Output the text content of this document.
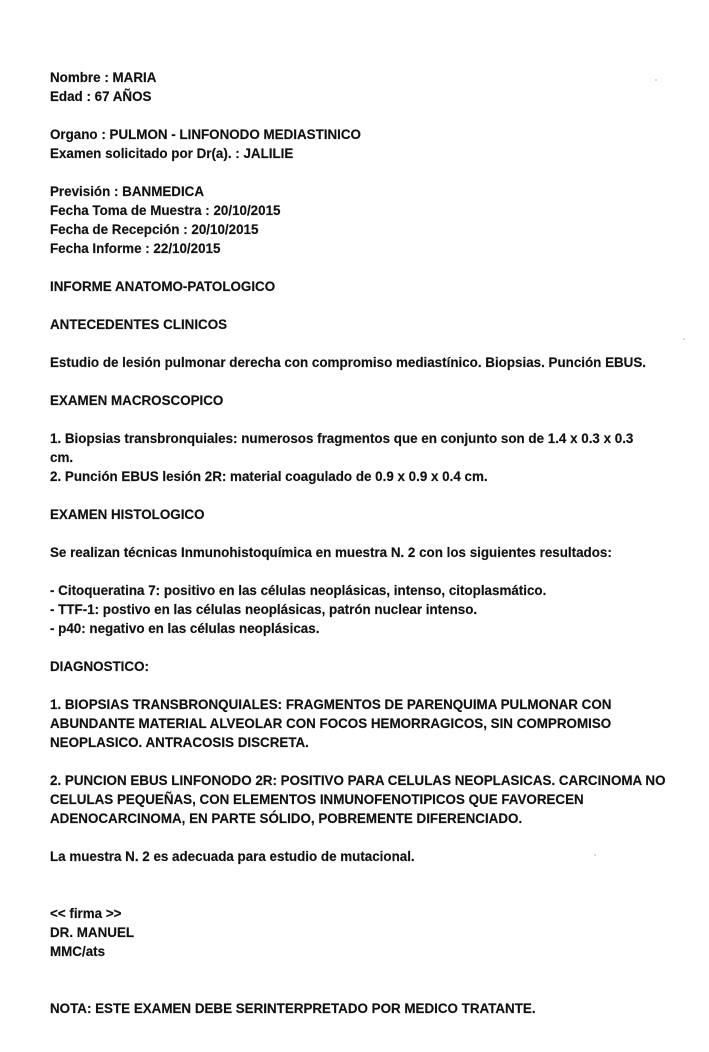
Nombre : MARIA
Edad : 67 AÑOS
Organo : PULMON - LINFONODO MEDIASTINICO
Examen solicitado por Dr(a). : JALILIE
Previsión : BANMEDICA
Fecha Toma de Muestra : 20/10/2015
Fecha de Recepción : 20/10/2015
Fecha Informe : 22/10/2015
INFORME ANATOMO-PATOLOGICO
ANTECEDENTES CLINICOS
Estudio de lesión pulmonar derecha con compromiso mediastínico. Biopsias. Punción EBUS.
EXAMEN MACROSCOPICO
1. Biopsias transbronquiales: numerosos fragmentos que en conjunto son de 1.4 x 0.3 x 0.3
cm.
2. Punción EBUS lesión 2R: material coagulado de 0.9 x 0.9 x 0.4 cm.
EXAMEN HISTOLOGICO
Se realizan técnicas Inmunohistoquímica en muestra N. 2 con los siguientes resultados:
- Citoqueratina 7: positivo en las células neoplásicas, intenso, citoplasmático.
- TTF-1: postivo en las células neoplásicas, patrón nuclear intenso.
- p40: negativo en las células neoplásicas.
DIAGNOSTICO:
1. BIOPSIAS TRANSBRONQUIALES: FRAGMENTOS DE PARENQUIMA PULMONAR CON
ABUNDANTE MATERIAL ALVEOLAR CON FOCOS HEMORRAGICOS, SIN COMPROMISO
NEOPLASICO. ANTRACOSIS DISCRETA.
2. PUNCION EBUS LINFONODO 2R: POSITIVO PARA CELULAS NEOPLASICAS. CARCINOMA NO
CELULAS PEQUEÑAS, CON ELEMENTOS INMUNOFENOTIPICOS QUE FAVORECEN
ADENOCARCINOMA, EN PARTE SÓLIDO, POBREMENTE DIFERENCIADO.
La muestra N. 2 es adecuada para estudio de mutacional.
<< firma >>
DR. MANUEL
MMC/ats
NOTA: ESTE EXAMEN DEBE SERINTERPRETADO POR MEDICO TRATANTE.
